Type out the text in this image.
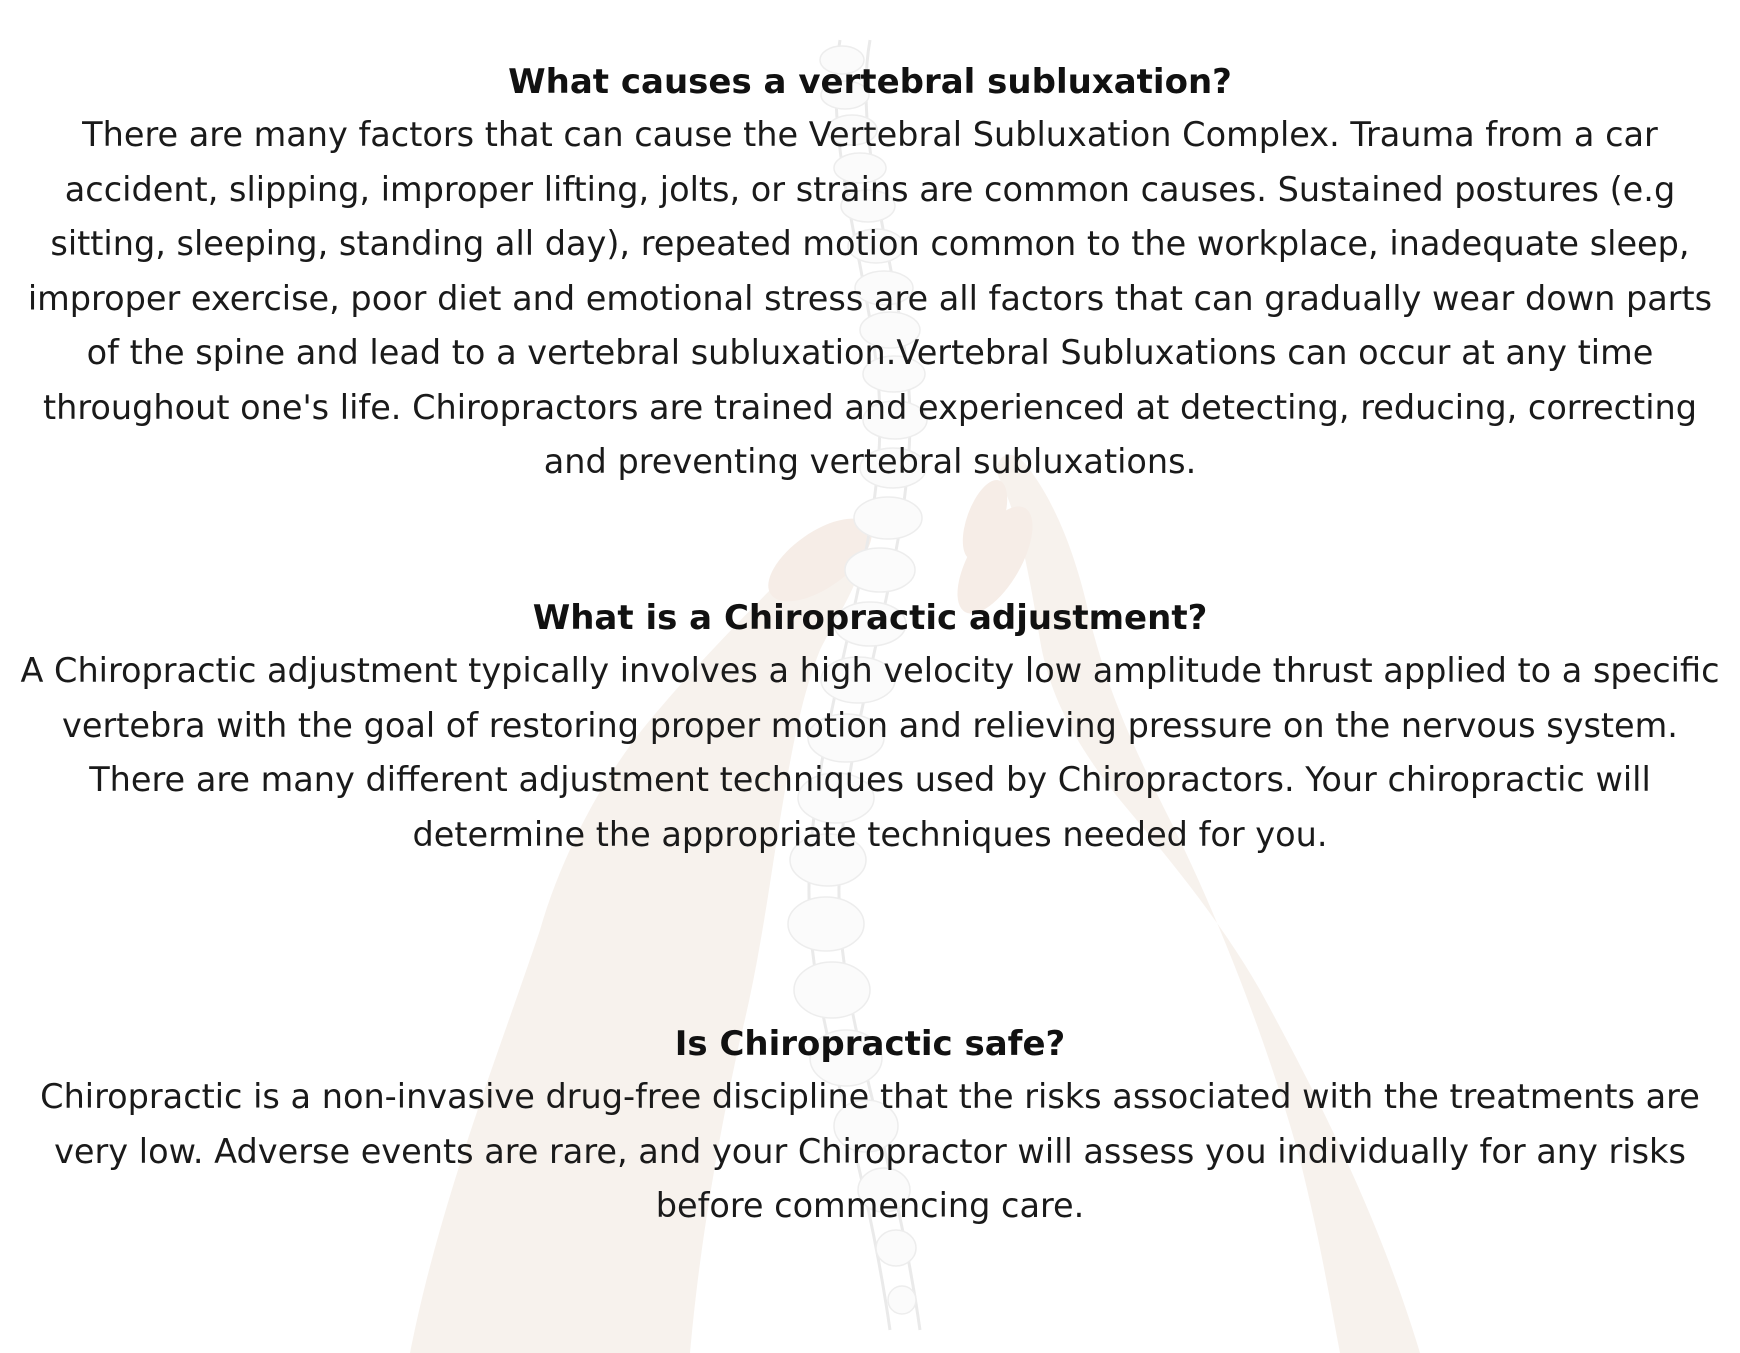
What causes a vertebral subluxation?

There are many factors that can cause the Vertebral Subluxation Complex. Trauma from a car accident, slipping, improper lifting, jolts, or strains are common causes. Sustained postures (e.g sitting, sleeping, standing all day), repeated motion common to the workplace, inadequate sleep, improper exercise, poor diet and emotional stress are all factors that can gradually wear down parts of the spine and lead to a vertebral subluxation.Vertebral Subluxations can occur at any time throughout one's life. Chiropractors are trained and experienced at detecting, reducing, correcting and preventing vertebral subluxations.

What is a Chiropractic adjustment?

A Chiropractic adjustment typically involves a high velocity low amplitude thrust applied to a specific vertebra with the goal of restoring proper motion and relieving pressure on the nervous system. There are many different adjustment techniques used by Chiropractors. Your chiropractic will determine the appropriate techniques needed for you.

Is Chiropractic safe?

Chiropractic is a non-invasive drug-free discipline that the risks associated with the treatments are very low. Adverse events are rare, and your Chiropractor will assess you individually for any risks before commencing care.
